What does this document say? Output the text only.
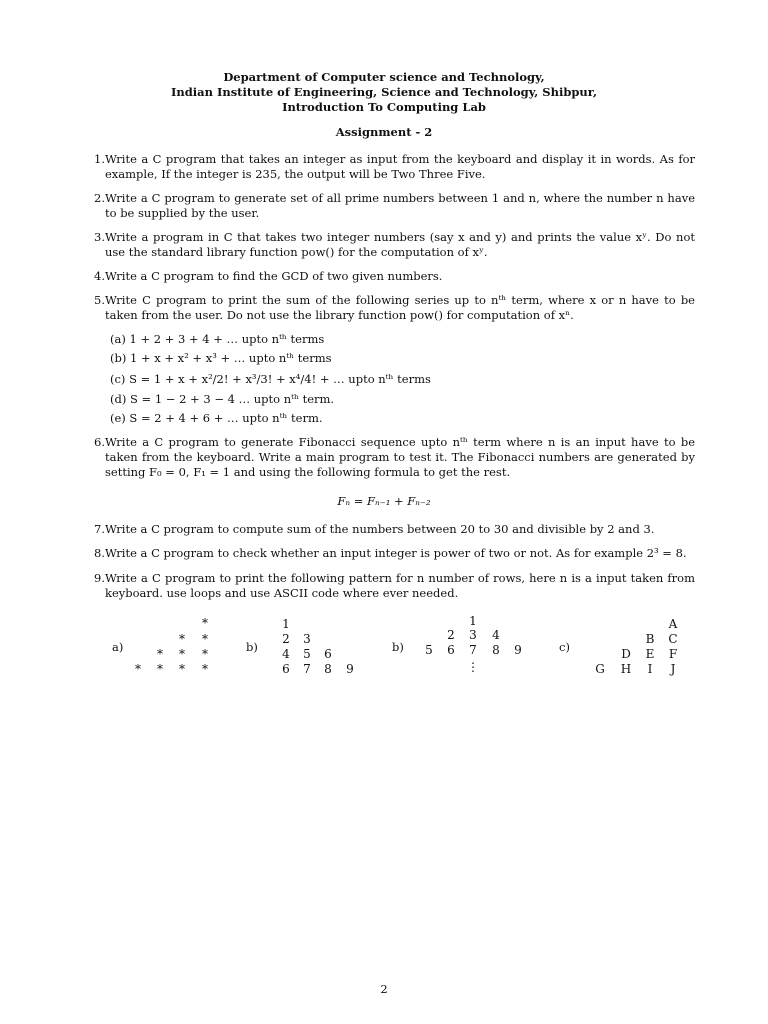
Department of Computer science and Technology,
Indian Institute of Engineering, Science and Technology, Shibpur,
Introduction To Computing Lab
Assignment - 2
1. Write a C program that takes an integer as input from the keyboard and display it in words. As for example, If the integer is 235, the output will be Two Three Five.
2. Write a C program to generate set of all prime numbers between 1 and n, where the number n have to be supplied by the user.
3. Write a program in C that takes two integer numbers (say x and y) and prints the value xʸ. Do not use the standard library function pow() for the computation of xʸ.
4. Write a C program to find the GCD of two given numbers.
5. Write C program to print the sum of the following series up to nᵗʰ term, where x or n have to be taken from the user. Do not use the library function pow() for computation of xⁿ.
(a) 1 + 2 + 3 + 4 + … upto nᵗʰ terms
(b) 1 + x + x² + x³ + … upto nᵗʰ terms
(c) S = 1 + x + x²/2! + x³/3! + x⁴/4! + … upto nᵗʰ terms
(d) S = 1 − 2 + 3 − 4 … upto nᵗʰ term.
(e) S = 2 + 4 + 6 + … upto nᵗʰ term.
6. Write a C program to generate Fibonacci sequence upto nᵗʰ term where n is an input have to be taken from the keyboard. Write a main program to test it. The Fibonacci numbers are generated by setting F₀ = 0, F₁ = 1 and using the following formula to get the rest.
Fₙ = Fₙ₋₁ + Fₙ₋₂
7. Write a C program to compute sum of the numbers between 20 to 30 and divisible by 2 and 3.
8. Write a C program to check whether an input integer is power of two or not. As for example 2³ = 8.
9. Write a C program to print the following pattern for n number of rows, here n is a input taken from keyboard. use loops and use ASCII code where ever needed.
a)
*
*	*
*	*	*
*	*	*	*
b)
1
2	3
4	5	6
6	7	8	9
b)
1
2	3	4
5	6	7	8	9
⋮
c)
A
B	C
D	E	F
G	H	I	J
2
